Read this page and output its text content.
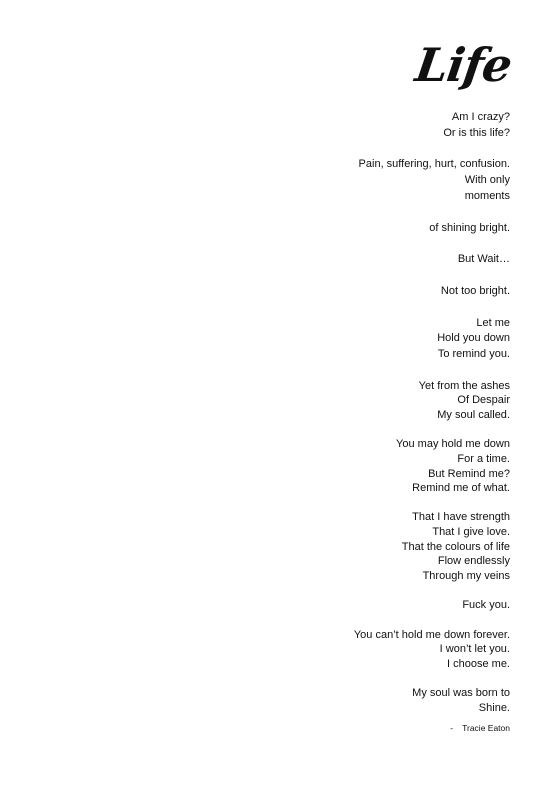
Life
Am I crazy?
Or is this life?
Pain, suffering, hurt, confusion.
With only
moments
of shining bright.
But Wait…
Not too bright.
Let me
Hold you down
To remind you.
Yet from the ashes
Of Despair
My soul called.
You may hold me down
For a time.
But Remind me?
Remind me of what.
That I have strength
That I give love.
That the colours of life
Flow endlessly
Through my veins
Fuck you.
You can’t hold me down forever.
I won’t let you.
I choose me.
My soul was born to
Shine.
- Tracie Eaton
